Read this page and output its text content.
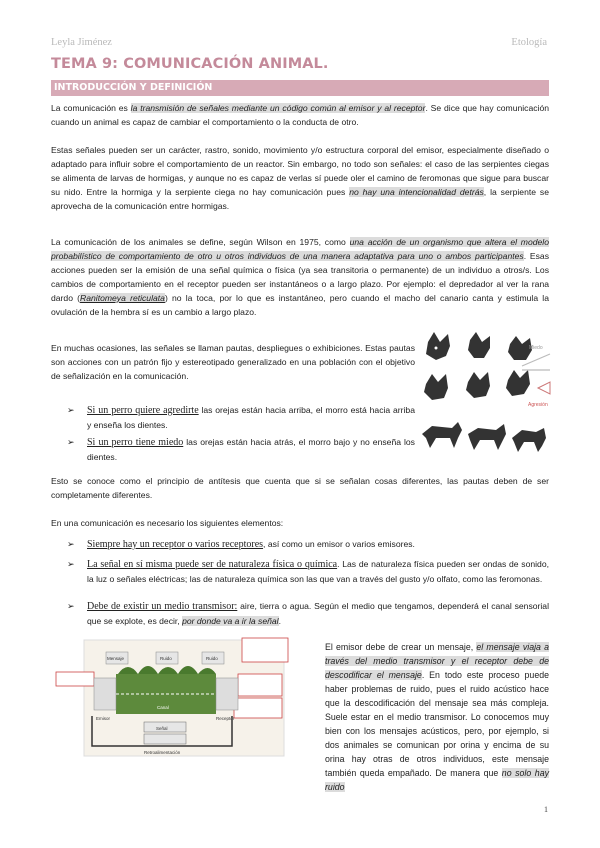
Leyla Jiménez	Etología
TEMA 9: COMUNICACIÓN ANIMAL.
INTRODUCCIÓN Y DEFINICIÓN

La comunicación es la transmisión de señales mediante un código común al emisor y al receptor. Se dice que hay comunicación cuando un animal es capaz de cambiar el comportamiento o la conducta de otro.

Estas señales pueden ser un carácter, rastro, sonido, movimiento y/o estructura corporal del emisor, especialmente diseñado o adaptado para influir sobre el comportamiento de un reactor. Sin embargo, no todo son señales: el caso de las serpientes ciegas se alimenta de larvas de hormigas, y aunque no es capaz de verlas sí puede oler el camino de feromonas que sigue para buscar su nido. Entre la hormiga y la serpiente ciega no hay comunicación pues no hay una intencionalidad detrás, la serpiente se aprovecha de la comunicación entre hormigas.

La comunicación de los animales se define, según Wilson en 1975, como una acción de un organismo que altera el modelo probabilístico de comportamiento de otro u otros individuos de una manera adaptativa para uno o ambos participantes. Esas acciones pueden ser la emisión de una señal química o física (ya sea transitoria o permanente) de un individuo a otros/s. Los cambios de comportamiento en el receptor pueden ser instantáneos o a largo plazo. Por ejemplo: el depredador al ver la rana dardo (Ranitomeya reticulata) no la toca, por lo que es instantáneo, pero cuando el macho del canario canta y estimula la ovulación de la hembra sí es un cambio a largo plazo.

En muchas ocasiones, las señales se llaman pautas, despliegues o exhibiciones. Estas pautas son acciones con un patrón fijo y estereotipado generalizado en una población con el objetivo de señalización en la comunicación.

➢	Si un perro quiere agredirte las orejas están hacia arriba, el morro está hacia arriba y enseña los dientes.
➢	Si un perro tiene miedo las orejas están hacia atrás, el morro bajo y no enseña los dientes.
Miedo
Agresión

Esto se conoce como el principio de antítesis que cuenta que si se señalan cosas diferentes, las pautas deben de ser completamente diferentes.

En una comunicación es necesario los siguientes elementos:

➢	Siempre hay un receptor o varios receptores, así como un emisor o varios emisores.
➢	La señal en sí misma puede ser de naturaleza física o química. Las de naturaleza física pueden ser ondas de sonido, la luz o señales eléctricas; las de naturaleza química son las que van a través del gusto y/o olfato, como las feromonas.
➢	Debe de existir un medio transmisor: aire, tierra o agua. Según el medio que tengamos, dependerá el canal sensorial que se explote, es decir, por donde va a ir la señal.
Mensaje	Ruido	Ruido
Canal
Emisor	Receptor
Señal
Retroalimentación

El emisor debe de crear un mensaje, el mensaje viaja a través del medio transmisor y el receptor debe de descodificar el mensaje. En todo este proceso puede haber problemas de ruido, pues el ruido acústico hace que la descodificación del mensaje sea más compleja. Suele estar en el medio transmisor. Lo conocemos muy bien con los mensajes acústicos, pero, por ejemplo, si dos animales se comunican por orina y encima de su orina hay otras de otros individuos, este mensaje también queda empañado. De manera que no solo hay ruido

1
